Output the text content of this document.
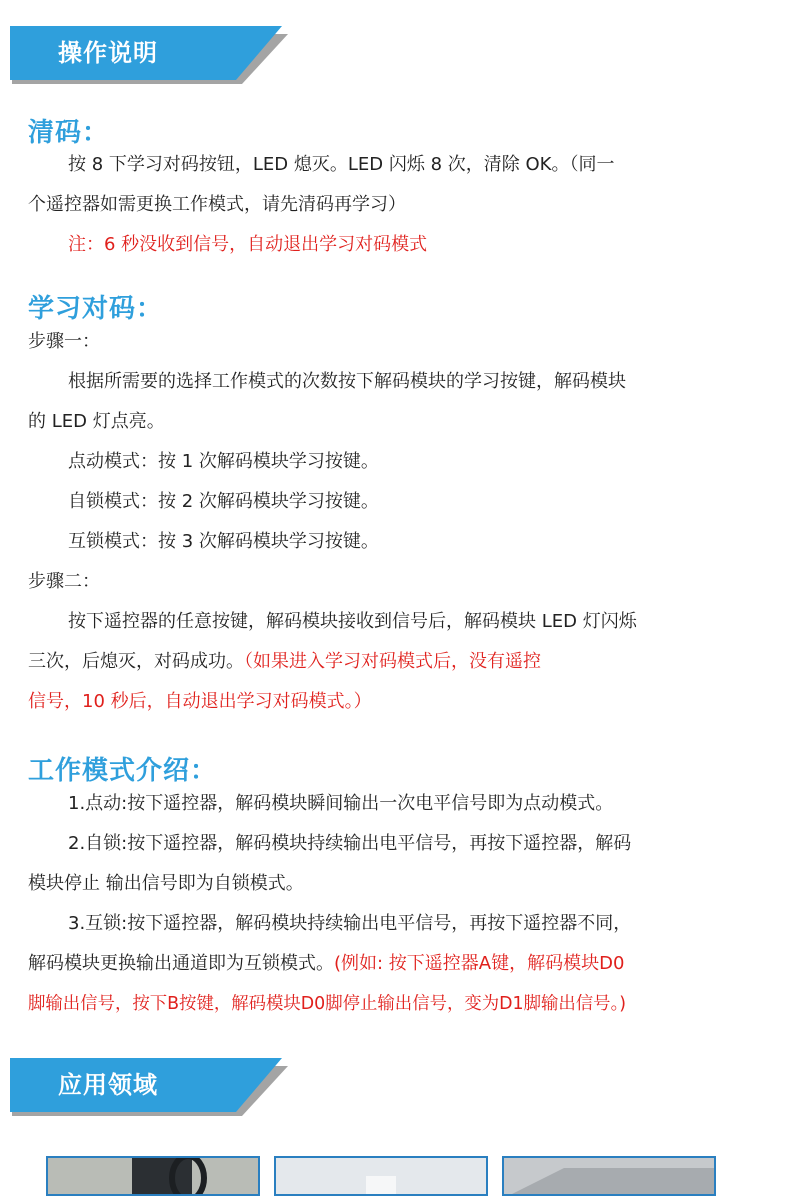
操作说明
清码：
按 8 下学习对码按钮，LED 熄灭。LED 闪烁 8 次，清除 OK。（同一
个遥控器如需更换工作模式，请先清码再学习）
注：6 秒没收到信号，自动退出学习对码模式
学习对码：
步骤一：
根据所需要的选择工作模式的次数按下解码模块的学习按键，解码模块
的 LED 灯点亮。
点动模式：按 1 次解码模块学习按键。
自锁模式：按 2 次解码模块学习按键。
互锁模式：按 3 次解码模块学习按键。
步骤二：
按下遥控器的任意按键，解码模块接收到信号后，解码模块 LED 灯闪烁
三次，后熄灭，对码成功。（如果进入学习对码模式后，没有遥控
信号，10 秒后，自动退出学习对码模式。）
工作模式介绍：
1.点动:按下遥控器，解码模块瞬间输出一次电平信号即为点动模式。
2.自锁:按下遥控器，解码模块持续输出电平信号，再按下遥控器，解码
模块停止 输出信号即为自锁模式。
3.互锁:按下遥控器，解码模块持续输出电平信号，再按下遥控器不同，
解码模块更换输出通道即为互锁模式。(例如: 按下遥控器A键，解码模块D0
脚输出信号，按下B按键，解码模块D0脚停止输出信号，变为D1脚输出信号。)
应用领域
